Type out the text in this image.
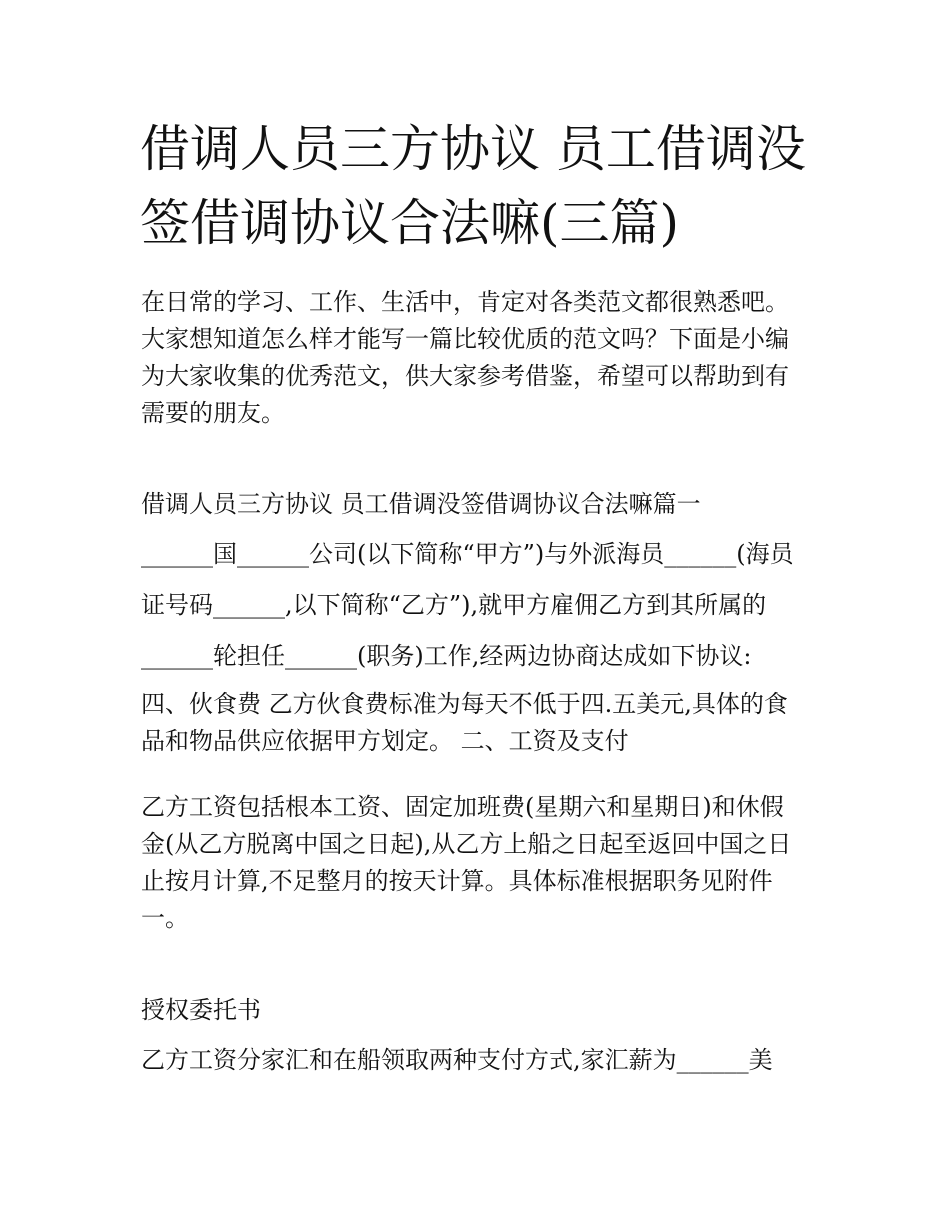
借调人员三方协议 员工借调没
签借调协议合法嘛(三篇)
在日常的学习、工作、生活中，肯定对各类范文都很熟悉吧。
大家想知道怎么样才能写一篇比较优质的范文吗？下面是小编
为大家收集的优秀范文，供大家参考借鉴，希望可以帮助到有
需要的朋友。
借调人员三方协议 员工借调没签借调协议合法嘛篇一
______国______公司(以下简称“甲方”)与外派海员______(海员
证号码______,以下简称“乙方”),就甲方雇佣乙方到其所属的
______轮担任______(职务)工作,经两边协商达成如下协议:
四、伙食费 乙方伙食费标准为每天不低于四.五美元,具体的食
品和物品供应依据甲方划定。 二、工资及支付
乙方工资包括根本工资、固定加班费(星期六和星期日)和休假
金(从乙方脱离中国之日起),从乙方上船之日起至返回中国之日
止按月计算,不足整月的按天计算。具体标准根据职务见附件
一。
授权委托书
乙方工资分家汇和在船领取两种支付方式,家汇薪为______美
